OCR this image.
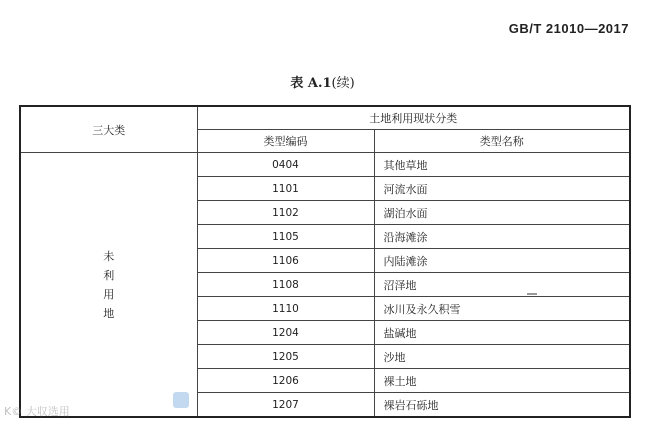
GB/T 21010—2017
表 A.1(续)
三大类	土地利用现状分类	
	类型编码	类型名称

未
利
用
地	0404	其他草地
	1101	河流水面
	1102	湖泊水面
	1105	沿海滩涂
	1106	内陆滩涂
	1108	沼泽地
	1110	冰川及永久积雪
	1204	盐碱地
	1205	沙地
	1206	裸土地
	1207	裸岩石砾地
K© 大収选用
